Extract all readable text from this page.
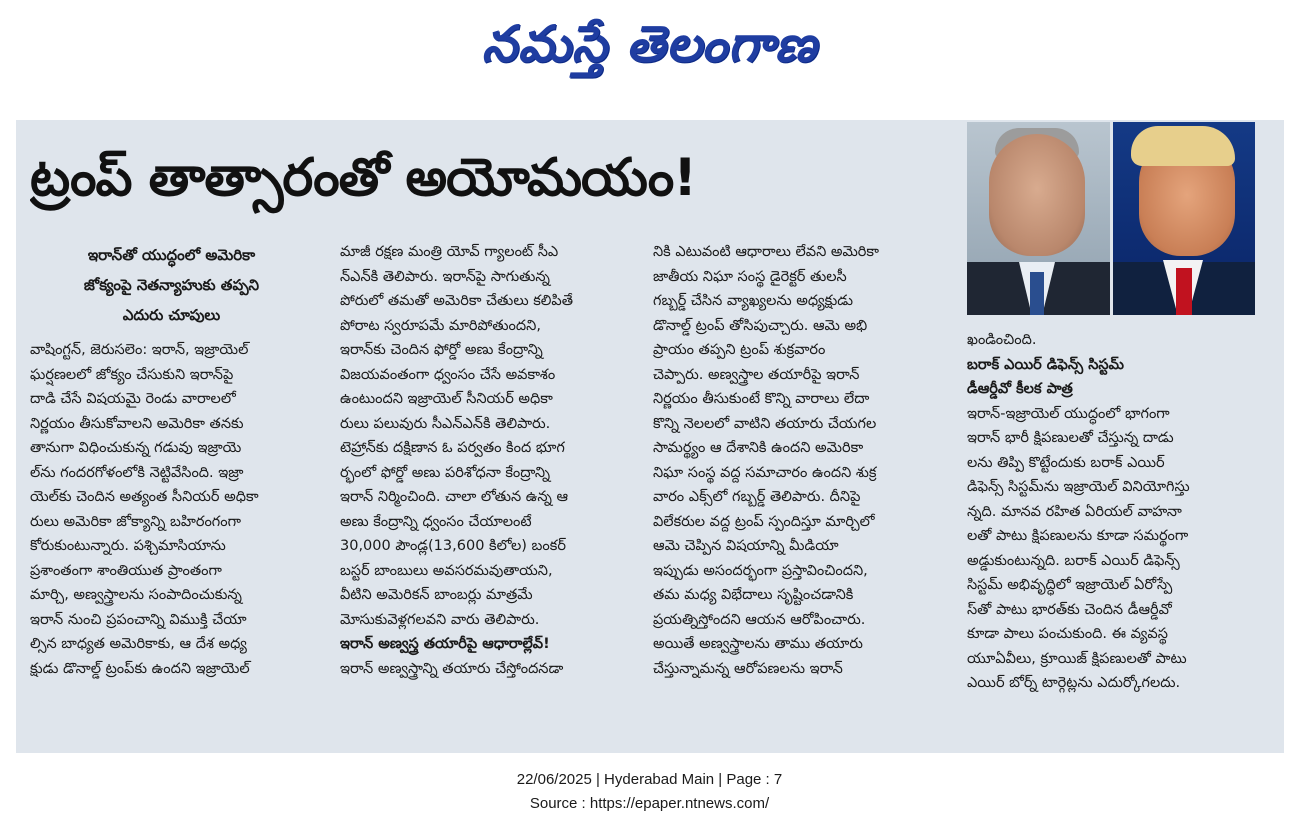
నమస్తే తెలంగాణ
ట్రంప్ తాత్సారంతో అయోమయం!
ఇరాన్‌తో యుద్ధంలో అమెరికా
జోక్యంపై నెతన్యాహుకు తప్పని
ఎదురు చూపులు
వాషింగ్టన్, జెరుసలెం: ఇరాన్, ఇజ్రాయెల్
ఘర్షణలలో జోక్యం చేసుకుని ఇరాన్‌పై
దాడి చేసే విషయమై రెండు వారాలలో
నిర్ణయం తీసుకోవాలని అమెరికా తనకు
తానుగా విధించుకున్న గడువు ఇజ్రాయె
ల్‌ను గందరగోళంలోకి నెట్టివేసింది. ఇజ్రా
యెల్‌కు చెందిన అత్యంత సీనియర్ అధికా
రులు అమెరికా జోక్యాన్ని బహిరంగంగా
కోరుకుంటున్నారు. పశ్చిమాసియాను
ప్రశాంతంగా శాంతియుత ప్రాంతంగా
మార్చి, అణ్వస్త్రాలను సంపాదించుకున్న
ఇరాన్ నుంచి ప్రపంచాన్ని విముక్తి చేయా
ల్సిన బాధ్యత అమెరికాకు, ఆ దేశ అధ్య
క్షుడు డొనాల్డ్ ట్రంప్‌కు ఉందని ఇజ్రాయెల్
మాజీ రక్షణ మంత్రి యోవ్ గ్యాలంట్ సీఎ
న్‌ఎన్‌కి తెలిపారు. ఇరాన్‌పై సాగుతున్న
పోరులో తమతో అమెరికా చేతులు కలిపితే
పోరాట స్వరూపమే మారిపోతుందని,
ఇరాన్‌కు చెందిన ఫోర్డో అణు కేంద్రాన్ని
విజయవంతంగా ధ్వంసం చేసే అవకాశం
ఉంటుందని ఇజ్రాయెల్ సీనియర్ అధికా
రులు పలువురు సీఎన్‌ఎన్‌కి తెలిపారు.
టెహ్రాన్‌కు దక్షిణాన ఓ పర్వతం కింద భూగ
ర్భంలో ఫోర్డో అణు పరిశోధనా కేంద్రాన్ని
ఇరాన్ నిర్మించింది. చాలా లోతున ఉన్న ఆ
అణు కేంద్రాన్ని ధ్వంసం చేయాలంటే
30,000 పౌండ్ల(13,600 కిలోల) బంకర్
బస్టర్ బాంబులు అవసరమవుతాయని,
వీటిని అమెరికన్ బాంబర్లు మాత్రమే
మోసుకువెళ్లగలవని వారు తెలిపారు.
ఇరాన్ అణ్వస్త్ర తయారీపై ఆధారాల్లేవ్!
ఇరాన్ అణ్వస్త్రాన్ని తయారు చేస్తోందనడా
నికి ఎటువంటి ఆధారాలు లేవని అమెరికా
జాతీయ నిఘా సంస్థ డైరెక్టర్ తులసీ
గబ్బర్డ్ చేసిన వ్యాఖ్యలను అధ్యక్షుడు
డొనాల్డ్ ట్రంప్ తోసిపుచ్చారు. ఆమె అభి
ప్రాయం తప్పని ట్రంప్ శుక్రవారం
చెప్పారు. అణ్వస్త్రాల తయారీపై ఇరాన్
నిర్ణయం తీసుకుంటే కొన్ని వారాలు లేదా
కొన్ని నెలలలో వాటిని తయారు చేయగల
సామర్థ్యం ఆ దేశానికి ఉందని అమెరికా
నిఘా సంస్థ వద్ద సమాచారం ఉందని శుక్ర
వారం ఎక్స్‌లో గబ్బర్డ్ తెలిపారు. దీనిపై
విలేకరుల వద్ద ట్రంప్ స్పందిస్తూ మార్చిలో
ఆమె చెప్పిన విషయాన్ని మీడియా
ఇప్పుడు అసందర్భంగా ప్రస్తావించిందని,
తమ మధ్య విభేదాలు సృష్టించడానికి
ప్రయత్నిస్తోందని ఆయన ఆరోపించారు.
అయితే అణ్వస్త్రాలను తాము తయారు
చేస్తున్నామన్న ఆరోపణలను ఇరాన్
ఖండించింది.
బరాక్ ఎయిర్ డిఫెన్స్ సిస్టమ్
డీఆర్డీవో కీలక పాత్ర
ఇరాన్-ఇజ్రాయెల్ యుద్ధంలో భాగంగా
ఇరాన్ భారీ క్షిపణులతో చేస్తున్న దాడు
లను తిప్పి కొట్టేందుకు బరాక్ ఎయిర్
డిఫెన్స్ సిస్టమ్‌ను ఇజ్రాయెల్ వినియోగిస్తు
న్నది. మానవ రహిత ఏరియల్ వాహనా
లతో పాటు క్షిపణులను కూడా సమర్థంగా
అడ్డుకుంటున్నది. బరాక్ ఎయిర్ డిఫెన్స్
సిస్టమ్ అభివృద్ధిలో ఇజ్రాయెల్ ఏరోస్పే
స్‌తో పాటు భారత్‌కు చెందిన డీఆర్డీవో
కూడా పాలు పంచుకుంది. ఈ వ్యవస్థ
యూఏవీలు, క్రూయిజ్ క్షిపణులతో పాటు
ఎయిర్ బోర్న్ టార్గెట్లను ఎదుర్కోగలదు.
22/06/2025 | Hyderabad Main | Page : 7
Source : https://epaper.ntnews.com/
